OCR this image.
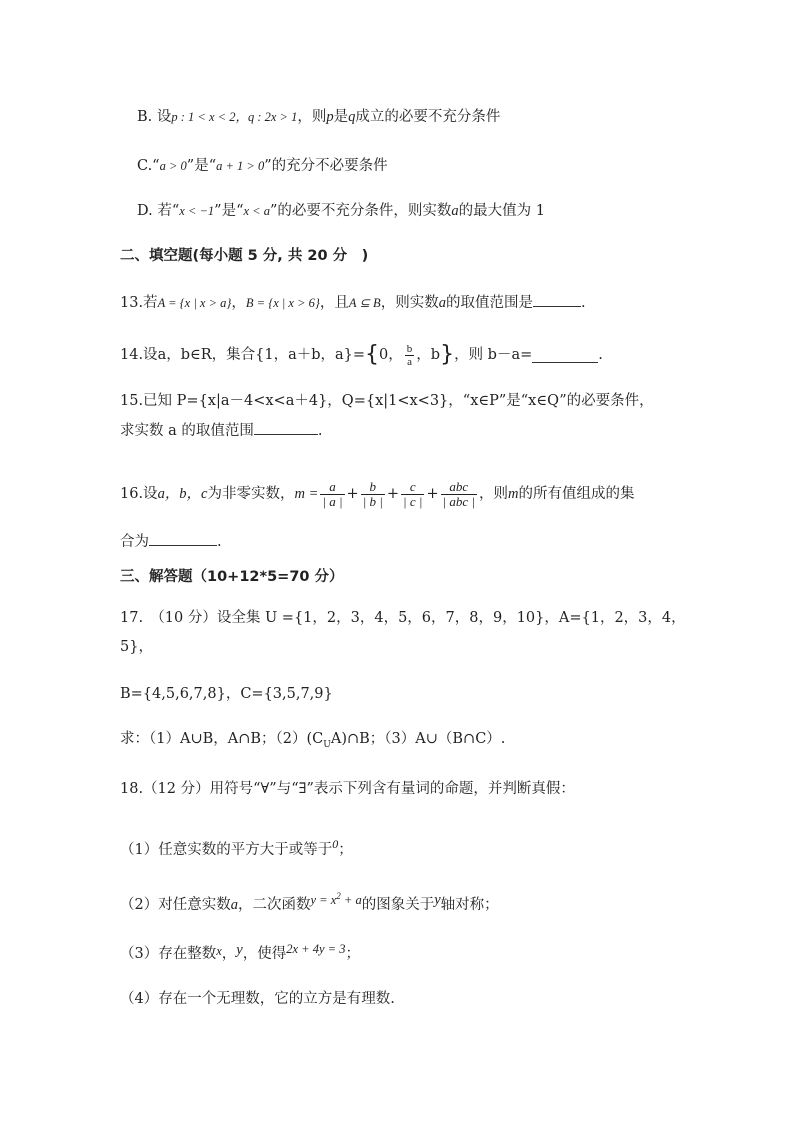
B. 设p : 1 < x < 2，q : 2x > 1，则p是q成立的必要不充分条件
C.“a > 0”是“a + 1 > 0”的充分不必要条件
D. 若“x < −1”是“x < a”的必要不充分条件，则实数a的最大值为 1
二、填空题(每小题 5 分, 共 20 分　)
13.若A = {x | x > a}，B = {x | x > 6}，且A ⊆ B，则实数a的取值范围是	.
14.设 a，b∈R，集合{1，a＋b，a} = { 0， $\frac{b}{a}$ ，b } ，则 b－a=	.
15.已知 P={x|a－4<x<a＋4}，Q={x|1<x<3}，“x∈P”是“x∈Q”的必要条件，
求实数 a 的取值范围	.
16.设 a，b，c 为非零实数， $m = \frac{a}{| a |} + \frac{b}{| b |} + \frac{c}{| c |} + \frac{\text{abc}}{\text{| abc |}}$ ，则 m 的所有值组成的集
合为	.
三、解答题（10+12*5=70 分）
17.　（10 分）设全集 U ={1，2，3，4，5，6，7，8，9，10}，A={1，2，3，4，
5}，
B={4,5,6,7,8}，C={3,5,7,9}
求：（1）A∪B，A∩B；$(2)(C_UA)\cap B$；（3）A∪（B∩C）.
18.（12 分）用符号“∀”与“∃”表示下列含有量词的命题，并判断真假：
（1）任意实数的平方大于或等于$^0$；
（2）对任意实数a，二次函数$y = x^2 + a$的图象关于y轴对称；
（3）存在整数x，y，使得2x + 4y = 3；
（4）存在一个无理数，它的立方是有理数.
